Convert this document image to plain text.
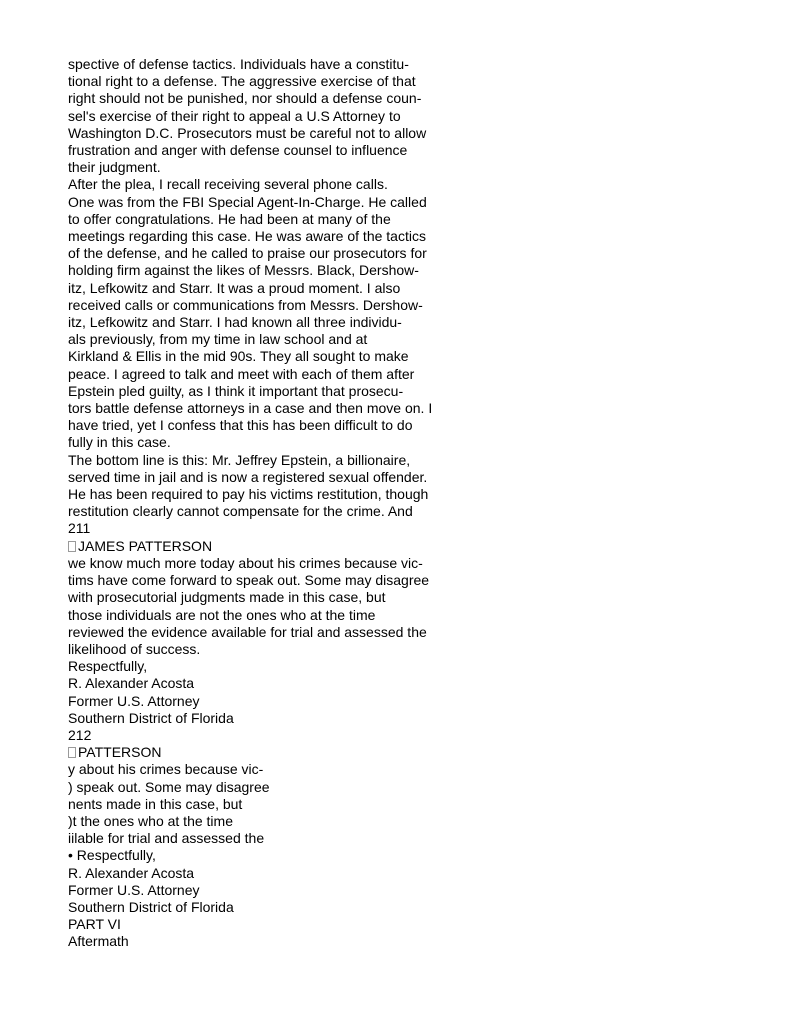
spective of defense tactics. Individuals have a constitu-
tional right to a defense. The aggressive exercise of that
right should not be punished, nor should a defense coun-
sel's exercise of their right to appeal a U.S Attorney to
Washington D.C. Prosecutors must be careful not to allow
frustration and anger with defense counsel to influence
their judgment.
After the plea, I recall receiving several phone calls.
One was from the FBI Special Agent-In-Charge. He called
to offer congratulations. He had been at many of the
meetings regarding this case. He was aware of the tactics
of the defense, and he called to praise our prosecutors for
holding firm against the likes of Messrs. Black, Dershow-
itz, Lefkowitz and Starr. It was a proud moment. I also
received calls or communications from Messrs. Dershow-
itz, Lefkowitz and Starr. I had known all three individu-
als previously, from my time in law school and at
Kirkland & Ellis in the mid 90s. They all sought to make
peace. I agreed to talk and meet with each of them after
Epstein pled guilty, as I think it important that prosecu-
tors battle defense attorneys in a case and then move on. I
have tried, yet I confess that this has been difficult to do
fully in this case.
The bottom line is this: Mr. Jeffrey Epstein, a billionaire,
served time in jail and is now a registered sexual offender.
He has been required to pay his victims restitution, though
restitution clearly cannot compensate for the crime. And
211
JAMES PATTERSON
we know much more today about his crimes because vic-
tims have come forward to speak out. Some may disagree
with prosecutorial judgments made in this case, but
those individuals are not the ones who at the time
reviewed the evidence available for trial and assessed the
likelihood of success.
Respectfully,
R. Alexander Acosta
Former U.S. Attorney
Southern District of Florida
212
PATTERSON
y about his crimes because vic-
) speak out. Some may disagree
nents made in this case, but
)t the ones who at the time
iilable for trial and assessed the
• Respectfully,
R. Alexander Acosta
Former U.S. Attorney
Southern District of Florida
PART VI
Aftermath
